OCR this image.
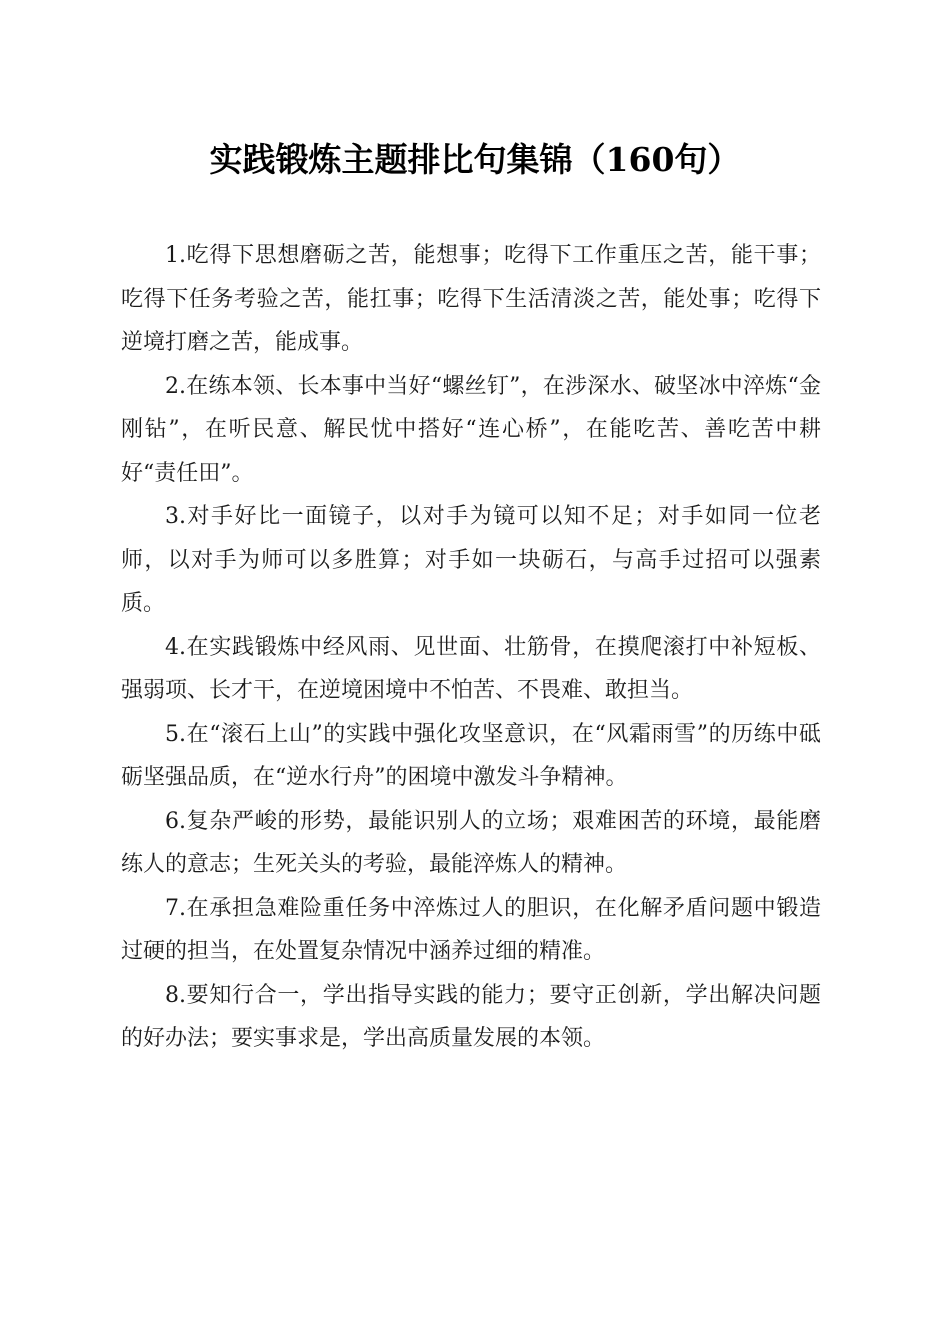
实践锻炼主题排比句集锦（160句）

1.吃得下思想磨砺之苦，能想事；吃得下工作重压之苦，能干事；吃得下任务考验之苦，能扛事；吃得下生活清淡之苦，能处事；吃得下逆境打磨之苦，能成事。

2.在练本领、长本事中当好“螺丝钉”，在涉深水、破坚冰中淬炼“金刚钻”，在听民意、解民忧中搭好“连心桥”，在能吃苦、善吃苦中耕好“责任田”。

3.对手好比一面镜子，以对手为镜可以知不足；对手如同一位老师，以对手为师可以多胜算；对手如一块砺石，与高手过招可以强素质。

4.在实践锻炼中经风雨、见世面、壮筋骨，在摸爬滚打中补短板、强弱项、长才干，在逆境困境中不怕苦、不畏难、敢担当。

5.在“滚石上山”的实践中强化攻坚意识，在“风霜雨雪”的历练中砥砺坚强品质，在“逆水行舟”的困境中激发斗争精神。

6.复杂严峻的形势，最能识别人的立场；艰难困苦的环境，最能磨练人的意志；生死关头的考验，最能淬炼人的精神。

7.在承担急难险重任务中淬炼过人的胆识，在化解矛盾问题中锻造过硬的担当，在处置复杂情况中涵养过细的精准。

8.要知行合一，学出指导实践的能力；要守正创新，学出解决问题的好办法；要实事求是，学出高质量发展的本领。
